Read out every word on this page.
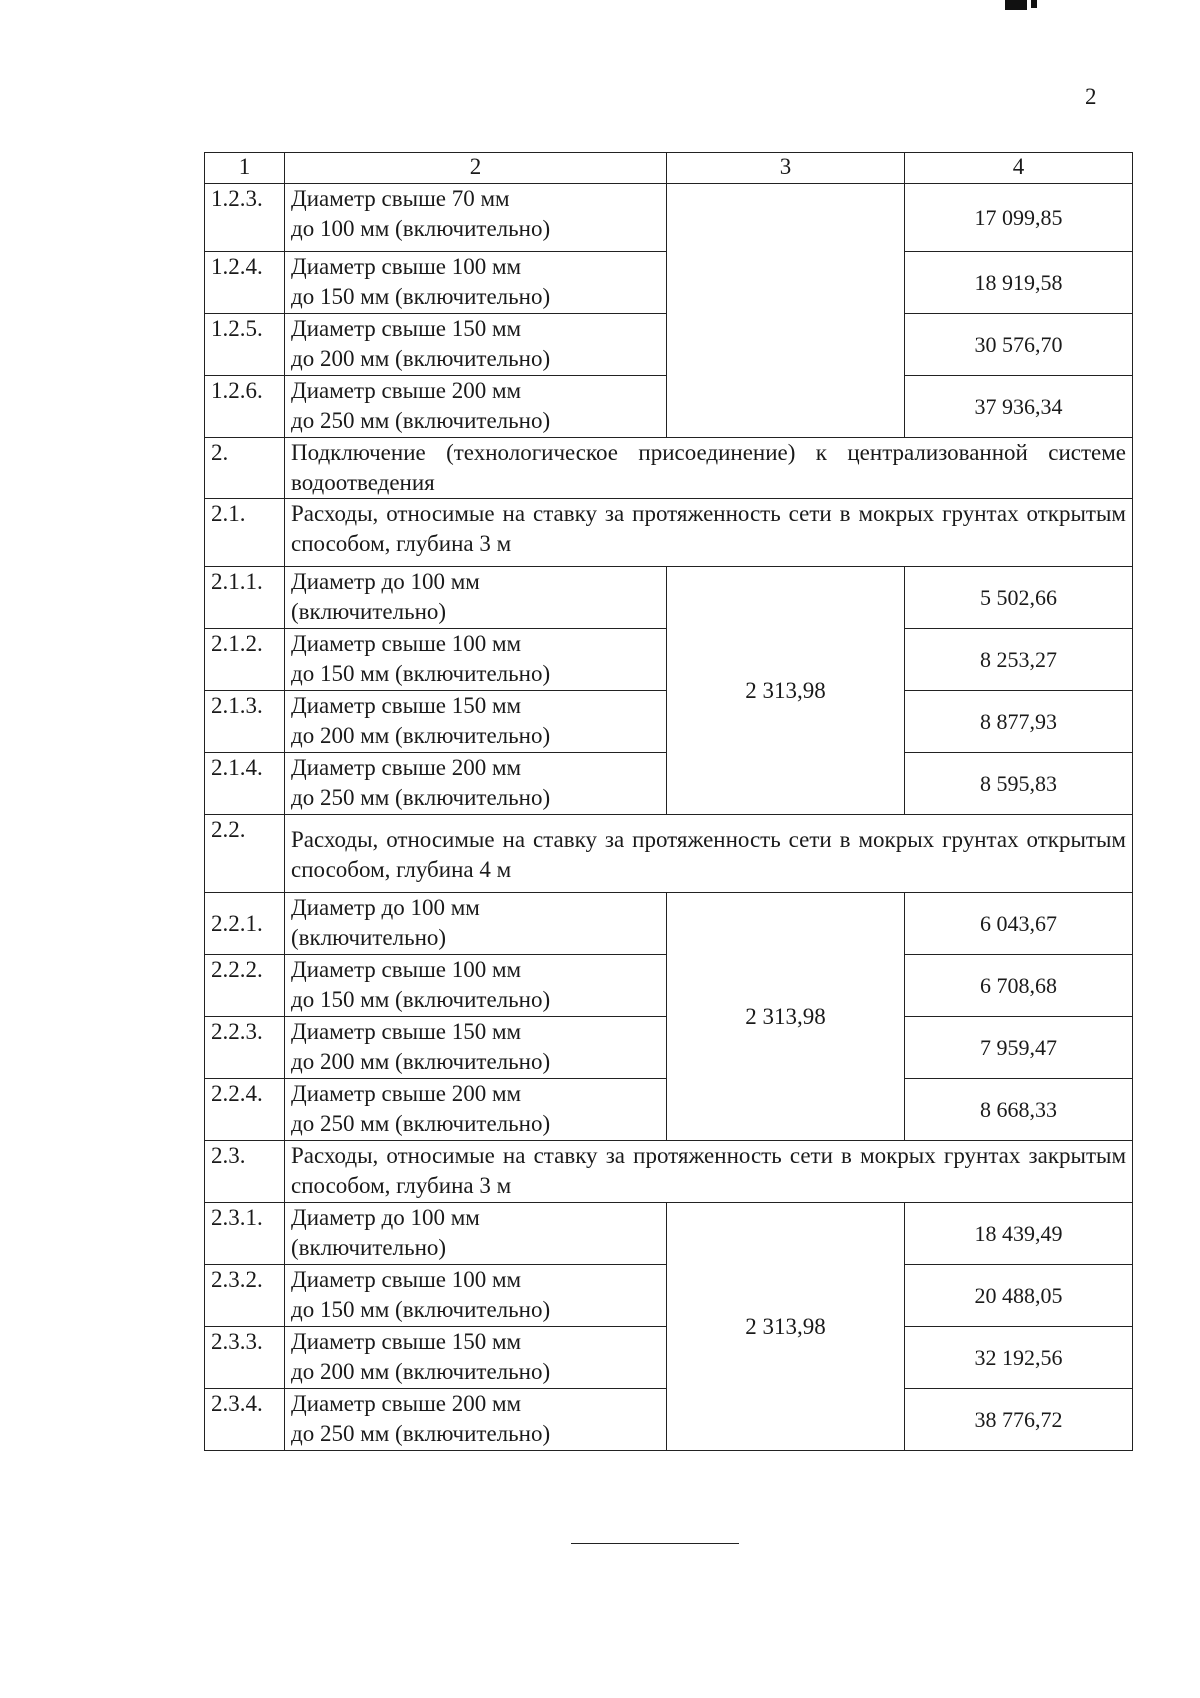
2
1	2	3	4
1.2.3.	Диаметр свыше 70 мм
до 100 мм (включительно)		17 099,85
1.2.4.	Диаметр свыше 100 мм
до 150 мм (включительно)		18 919,58
1.2.5.	Диаметр свыше 150 мм
до 200 мм (включительно)		30 576,70
1.2.6.	Диаметр свыше 200 мм
до 250 мм (включительно)		37 936,34
2.	Подключение (технологическое присоединение) к централизованной системе водоотведения		
2.1.	Расходы, относимые на ставку за протяженность сети в мокрых грунтах открытым способом, глубина 3 м		
2.1.1.	Диаметр до 100 мм
(включительно)	2 313,98	5 502,66
2.1.2.	Диаметр свыше 100 мм
до 150 мм (включительно)		8 253,27
2.1.3.	Диаметр свыше 150 мм
до 200 мм (включительно)		8 877,93
2.1.4.	Диаметр свыше 200 мм
до 250 мм (включительно)		8 595,83
2.2.	Расходы, относимые на ставку за протяженность сети в мокрых грунтах открытым способом, глубина 4 м		
2.2.1.	Диаметр до 100 мм
(включительно)	2 313,98	6 043,67
2.2.2.	Диаметр свыше 100 мм
до 150 мм (включительно)		6 708,68
2.2.3.	Диаметр свыше 150 мм
до 200 мм (включительно)		7 959,47
2.2.4.	Диаметр свыше 200 мм
до 250 мм (включительно)		8 668,33
2.3.	Расходы, относимые на ставку за протяженность сети в мокрых грунтах закрытым способом, глубина 3 м		
2.3.1.	Диаметр до 100 мм
(включительно)	2 313,98	18 439,49
2.3.2.	Диаметр свыше 100 мм
до 150 мм (включительно)		20 488,05
2.3.3.	Диаметр свыше 150 мм
до 200 мм (включительно)		32 192,56
2.3.4.	Диаметр свыше 200 мм
до 250 мм (включительно)		38 776,72
